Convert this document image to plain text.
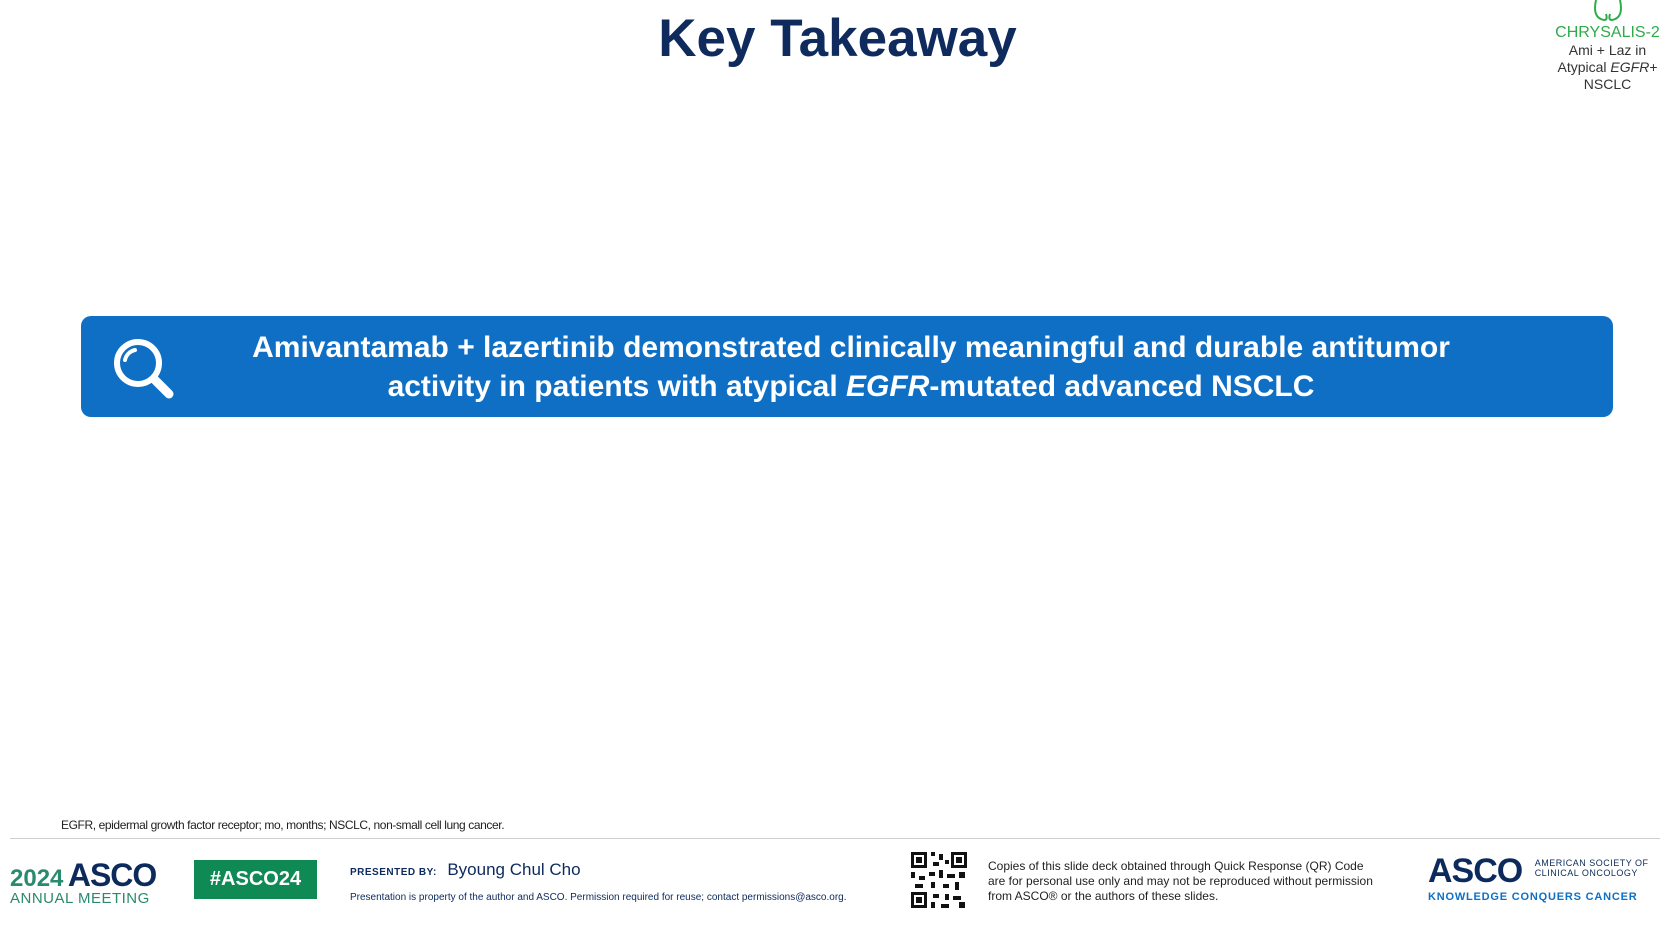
Key Takeaway	CHRYSALIS-2
Ami + Laz in
Atypical EGFR+
NSCLC
Amivantamab + lazertinib demonstrated clinically meaningful and durable antitumor
activity in patients with atypical EGFR-mutated advanced NSCLC
EGFR, epidermal growth factor receptor; mo, months; NSCLC, non-small cell lung cancer.
2024 ASCO
ANNUAL MEETING
#ASCO24	PRESENTED BY: Byoung Chul Cho
Presentation is property of the author and ASCO. Permission required for reuse; contact permissions@asco.org.
Copies of this slide deck obtained through Quick Response (QR) Code are for personal use only and may not be reproduced without permission from ASCO® or the authors of these slides.
ASCO AMERICAN SOCIETY OF
CLINICAL ONCOLOGY
KNOWLEDGE CONQUERS CANCER
